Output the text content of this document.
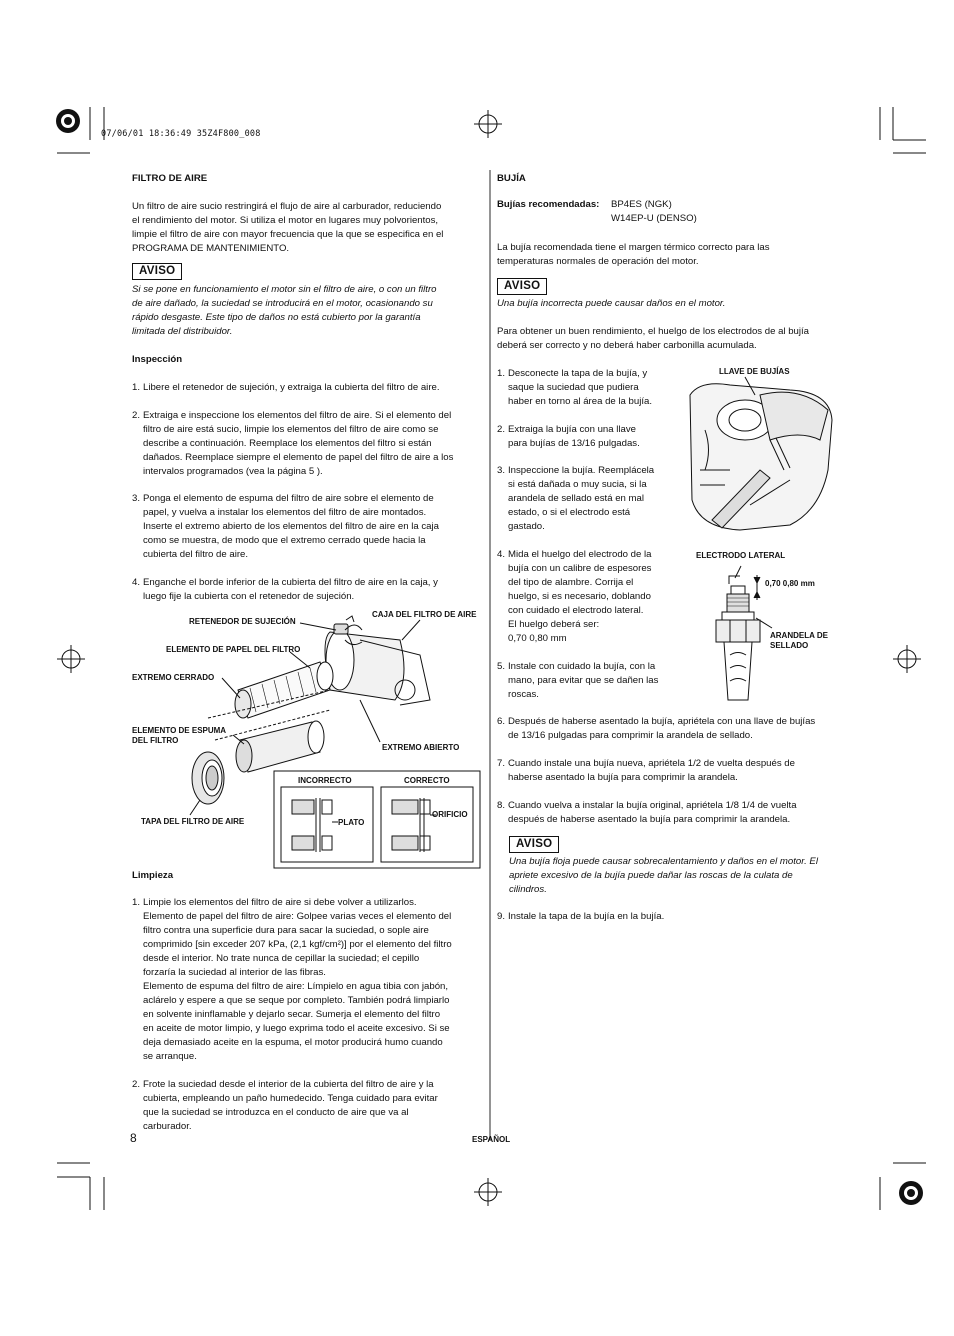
07/06/01 18:36:49 35Z4F800_008
FILTRO DE AIRE

Un filtro de aire sucio restringirá el flujo de aire al carburador, reduciendo

el rendimiento del motor. Si utiliza el motor en lugares muy polvorientos,

limpie el filtro de aire con mayor frecuencia que la que se especifica en el

PROGRAMA DE MANTENIMIENTO.

AVISO

Si se pone en funcionamiento el motor sin el filtro de aire, o con un filtro

de aire dañado, la suciedad se introducirá en el motor, ocasionando su

rápido desgaste. Este tipo de daños no está cubierto por la garantía

limitada del distribuidor.

Inspección
1. Libere el retenedor de sujeción, y extraiga la cubierta del filtro de aire.

2. Extraiga e inspeccione los elementos del filtro de aire. Si el elemento del

filtro de aire está sucio, limpie los elementos del filtro de aire como se

describe a continuación. Reemplace los elementos del filtro si están

dañados. Reemplace siempre el elemento de papel del filtro de aire a los

intervalos programados (vea la página 5 ).

3. Ponga el elemento de espuma del filtro de aire sobre el elemento de

papel, y vuelva a instalar los elementos del filtro de aire montados.

Inserte el extremo abierto de los elementos del filtro de aire en la caja

como se muestra, de modo que el extremo cerrado quede hacia la

cubierta del filtro de aire.

4. Enganche el borde inferior de la cubierta del filtro de aire en la caja, y

luego fije la cubierta con el retenedor de sujeción.

RETENEDOR DE SUJECIÓN
CAJA DEL FILTRO DE AIRE
ELEMENTO DE PAPEL DEL FILTRO
EXTREMO CERRADO

ELEMENTO DE ESPUMA

DEL FILTRO

EXTREMO ABIERTO
TAPA DEL FILTRO DE AIRE
INCORRECTO	CORRECTO
PLATO
ORIFICIO
Limpieza
1. Limpie los elementos del filtro de aire si debe volver a utilizarlos.

Elemento de papel del filtro de aire: Golpee varias veces el elemento del

filtro contra una superficie dura para sacar la suciedad, o sople aire

comprimido [sin exceder 207 kPa, (2,1 kgf/cm²)] por el elemento del filtro

desde el interior. No trate nunca de cepillar la suciedad; el cepillo

forzaría la suciedad al interior de las fibras.

Elemento de espuma del filtro de aire: Límpielo en agua tibia con jabón,

aclárelo y espere a que se seque por completo. También podrá limpiarlo

en solvente ininflamable y dejarlo secar. Sumerja el elemento del filtro

en aceite de motor limpio, y luego exprima todo el aceite excesivo. Si se

deja demasiado aceite en la espuma, el motor producirá humo cuando

se arranque.

2. Frote la suciedad desde el interior de la cubierta del filtro de aire y la

cubierta, empleando un paño humedecido. Tenga cuidado para evitar

que la suciedad se introduzca en el conducto de aire que va al

carburador.

8	ESPAÑOL
BUJÍA
Bujías recomendadas: BP4ES (NGK)

W14EP-U (DENSO)

La bujía recomendada tiene el margen térmico correcto para las

temperaturas normales de operación del motor.

AVISO
Una bujía incorrecta puede causar daños en el motor.

Para obtener un buen rendimiento, el huelgo de los electrodos de al bujía

deberá ser correcto y no deberá haber carbonilla acumulada.

1. Desconecte la tapa de la bujía, y

saque la suciedad que pudiera

haber en torno al área de la bujía.

2. Extraiga la bujía con una llave

para bujías de 13/16 pulgadas.

3. Inspeccione la bujía. Reemplácela

si está dañada o muy sucia, si la

arandela de sellado está en mal

estado, o si el electrodo está

gastado.

4. Mida el huelgo del electrodo de la

bujía con un calibre de espesores

del tipo de alambre. Corrija el

huelgo, si es necesario, doblando

con cuidado el electrodo lateral.

El huelgo deberá ser:

0,70 0,80 mm

5. Instale con cuidado la bujía, con la

mano, para evitar que se dañen las

roscas.

LLAVE DE BUJÍAS
ELECTRODO LATERAL
0,70 0,80 mm

ARANDELA DE

SELLADO

6. Después de haberse asentado la bujía, apriétela con una llave de bujías

de 13/16 pulgadas para comprimir la arandela de sellado.

7. Cuando instale una bujía nueva, apriétela 1/2 de vuelta después de

haberse asentado la bujía para comprimir la arandela.

8. Cuando vuelva a instalar la bujía original, apriétela 1/8 1/4 de vuelta

después de haberse asentado la bujía para comprimir la arandela.

AVISO

Una bujía floja puede causar sobrecalentamiento y daños en el motor. El

apriete excesivo de la bujía puede dañar las roscas de la culata de

cilindros.

9. Instale la tapa de la bujía en la bujía.
